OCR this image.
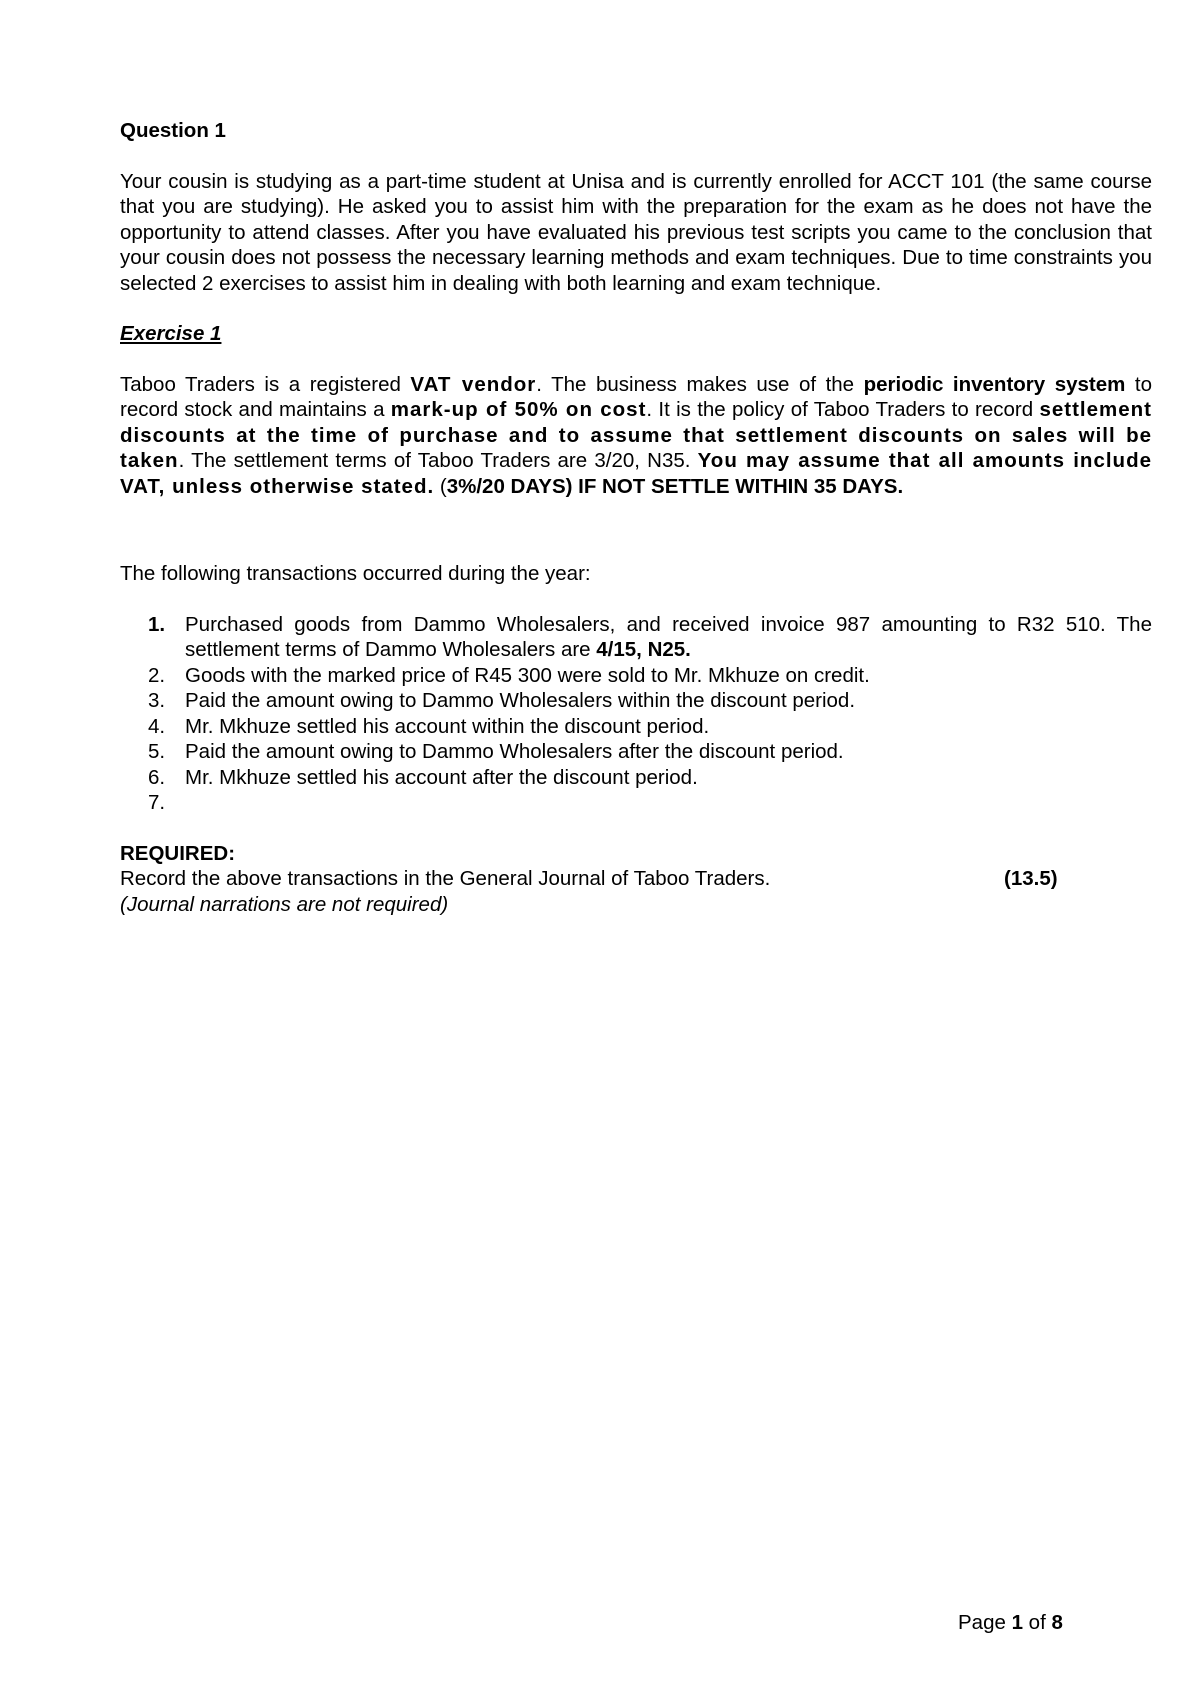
Question 1

Your cousin is studying as a part-time student at Unisa and is currently enrolled for ACCT 101 (the same course that you are studying). He asked you to assist him with the preparation for the exam as he does not have the opportunity to attend classes. After you have evaluated his previous test scripts you came to the conclusion that your cousin does not possess the necessary learning methods and exam techniques. Due to time constraints you selected 2 exercises to assist him in dealing with both learning and exam technique.

Exercise 1

Taboo Traders is a registered VAT vendor. The business makes use of the periodic inventory system to record stock and maintains a mark-up of 50% on cost. It is the policy of Taboo Traders to record settlement discounts at the time of purchase and to assume that settlement discounts on sales will be taken. The settlement terms of Taboo Traders are 3/20, N35. You may assume that all amounts include VAT, unless otherwise stated. (3%/20 DAYS) IF NOT SETTLE WITHIN 35 DAYS.

The following transactions occurred during the year:

1. Purchased goods from Dammo Wholesalers, and received invoice 987 amounting to R32 510. The settlement terms of Dammo Wholesalers are 4/15, N25.
2. Goods with the marked price of R45 300 were sold to Mr. Mkhuze on credit.
3. Paid the amount owing to Dammo Wholesalers within the discount period.
4. Mr. Mkhuze settled his account within the discount period.
5. Paid the amount owing to Dammo Wholesalers after the discount period.
6. Mr. Mkhuze settled his account after the discount period.
7.

REQUIRED:
Record the above transactions in the General Journal of Taboo Traders.	(13.5)
(Journal narrations are not required)
Page 1 of 8
